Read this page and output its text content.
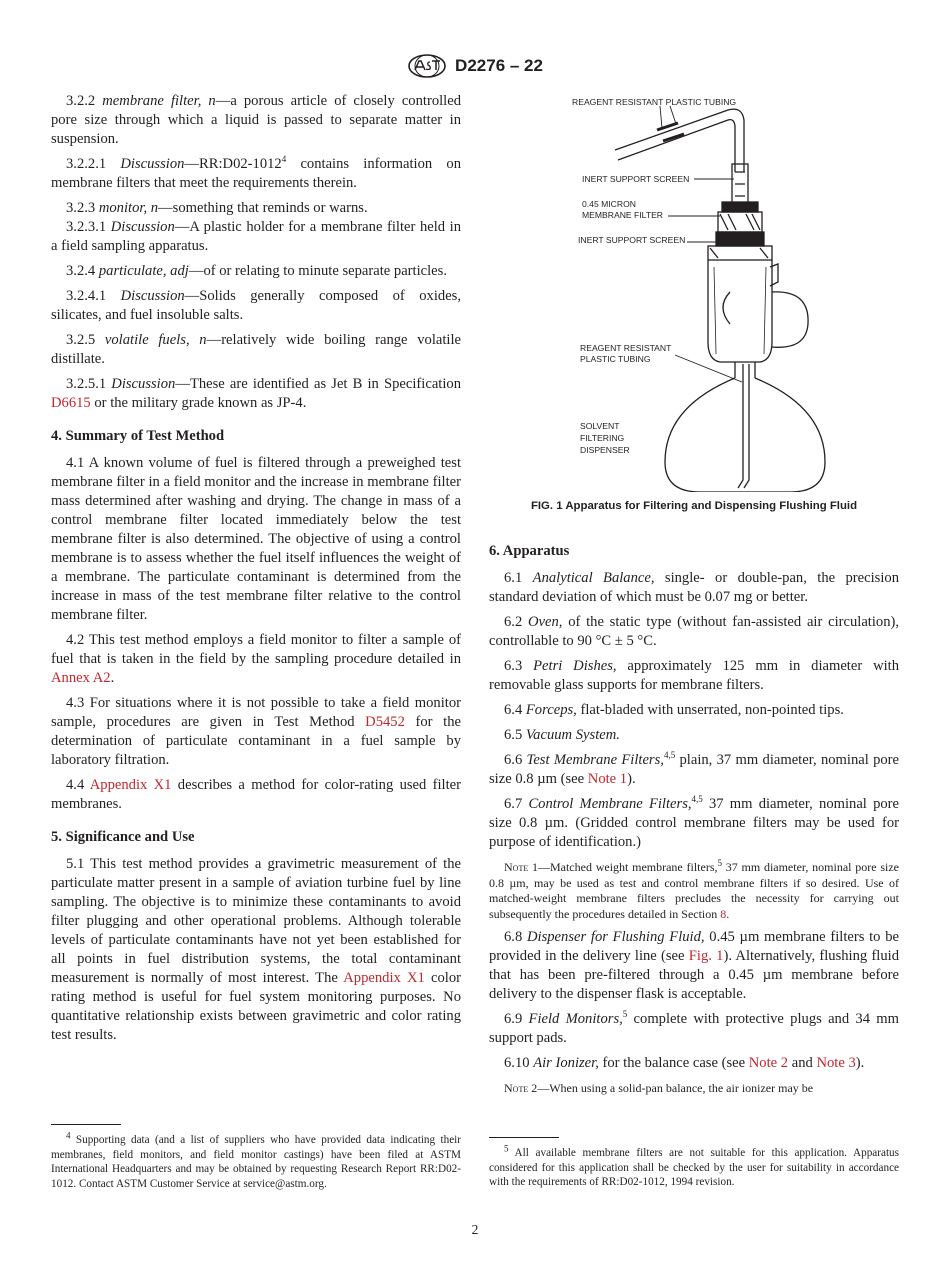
D2276 – 22

3.2.2 membrane filter, n—a porous article of closely controlled pore size through which a liquid is passed to separate matter in suspension.

3.2.2.1 Discussion—RR:D02-1012$^4$ contains information on membrane filters that meet the requirements therein.

3.2.3 monitor, n—something that reminds or warns.

3.2.3.1 Discussion—A plastic holder for a membrane filter held in a field sampling apparatus.

3.2.4 particulate, adj—of or relating to minute separate particles.

3.2.4.1 Discussion—Solids generally composed of oxides, silicates, and fuel insoluble salts.

3.2.5 volatile fuels, n—relatively wide boiling range volatile distillate.

3.2.5.1 Discussion—These are identified as Jet B in Specification D6615 or the military grade known as JP-4.

4. Summary of Test Method

4.1 A known volume of fuel is filtered through a preweighed test membrane filter in a field monitor and the increase in membrane filter mass determined after washing and drying. The change in mass of a control membrane filter located immediately below the test membrane filter is also determined. The objective of using a control membrane is to assess whether the fuel itself influences the weight of a membrane. The particulate contaminant is determined from the increase in mass of the test membrane filter relative to the control membrane filter.

4.2 This test method employs a field monitor to filter a sample of fuel that is taken in the field by the sampling procedure detailed in Annex A2.

4.3 For situations where it is not possible to take a field monitor sample, procedures are given in Test Method D5452 for the determination of particulate contaminant in a fuel sample by laboratory filtration.

4.4 Appendix X1 describes a method for color-rating used filter membranes.

5. Significance and Use

5.1 This test method provides a gravimetric measurement of the particulate matter present in a sample of aviation turbine fuel by line sampling. The objective is to minimize these contaminants to avoid filter plugging and other operational problems. Although tolerable levels of particulate contaminants have not yet been established for all points in fuel distribution systems, the total contaminant measurement is normally of most interest. The Appendix X1 color rating method is useful for fuel system monitoring purposes. No quantitative relationship exists between gravimetric and color rating test results.

REAGENT RESISTANT PLASTIC TUBING
INERT SUPPORT SCREEN
0.45 MICRON
MEMBRANE FILTER
INERT SUPPORT SCREEN
REAGENT RESISTANT
PLASTIC TUBING
SOLVENT
FILTERING
DISPENSER
FIG. 1 Apparatus for Filtering and Dispensing Flushing Fluid
6. Apparatus

6.1 Analytical Balance, single- or double-pan, the precision standard deviation of which must be 0.07 mg or better.

6.2 Oven, of the static type (without fan-assisted air circulation), controllable to 90 °C ± 5 °C.

6.3 Petri Dishes, approximately 125 mm in diameter with removable glass supports for membrane filters.

6.4 Forceps, flat-bladed with unserrated, non-pointed tips.

6.5 Vacuum System.

6.6 Test Membrane Filters,$^{4,5}$ plain, 37 mm diameter, nominal pore size 0.8 µm (see Note 1).

6.7 Control Membrane Filters,$^{4,5}$ 37 mm diameter, nominal pore size 0.8 µm. (Gridded control membrane filters may be used for purpose of identification.)

Note 1—Matched weight membrane filters,$^5$ 37 mm diameter, nominal pore size 0.8 µm, may be used as test and control membrane filters if so desired. Use of matched-weight membrane filters precludes the necessity for carrying out subsequently the procedures detailed in Section 8.

6.8 Dispenser for Flushing Fluid, 0.45 µm membrane filters to be provided in the delivery line (see Fig. 1). Alternatively, flushing fluid that has been pre-filtered through a 0.45 µm membrane before delivery to the dispenser flask is acceptable.

6.9 Field Monitors,$^5$ complete with protective plugs and 34 mm support pads.

6.10 Air Ionizer, for the balance case (see Note 2 and Note 3).

Note 2—When using a solid-pan balance, the air ionizer may be

$^4$ Supporting data (and a list of suppliers who have provided data indicating their membranes, field monitors, and field monitor castings) have been filed at ASTM International Headquarters and may be obtained by requesting Research Report RR:D02-1012. Contact ASTM Customer Service at service@astm.org.
$^5$ All available membrane filters are not suitable for this application. Apparatus considered for this application shall be checked by the user for suitability in accordance with the requirements of RR:D02-1012, 1994 revision.
2
